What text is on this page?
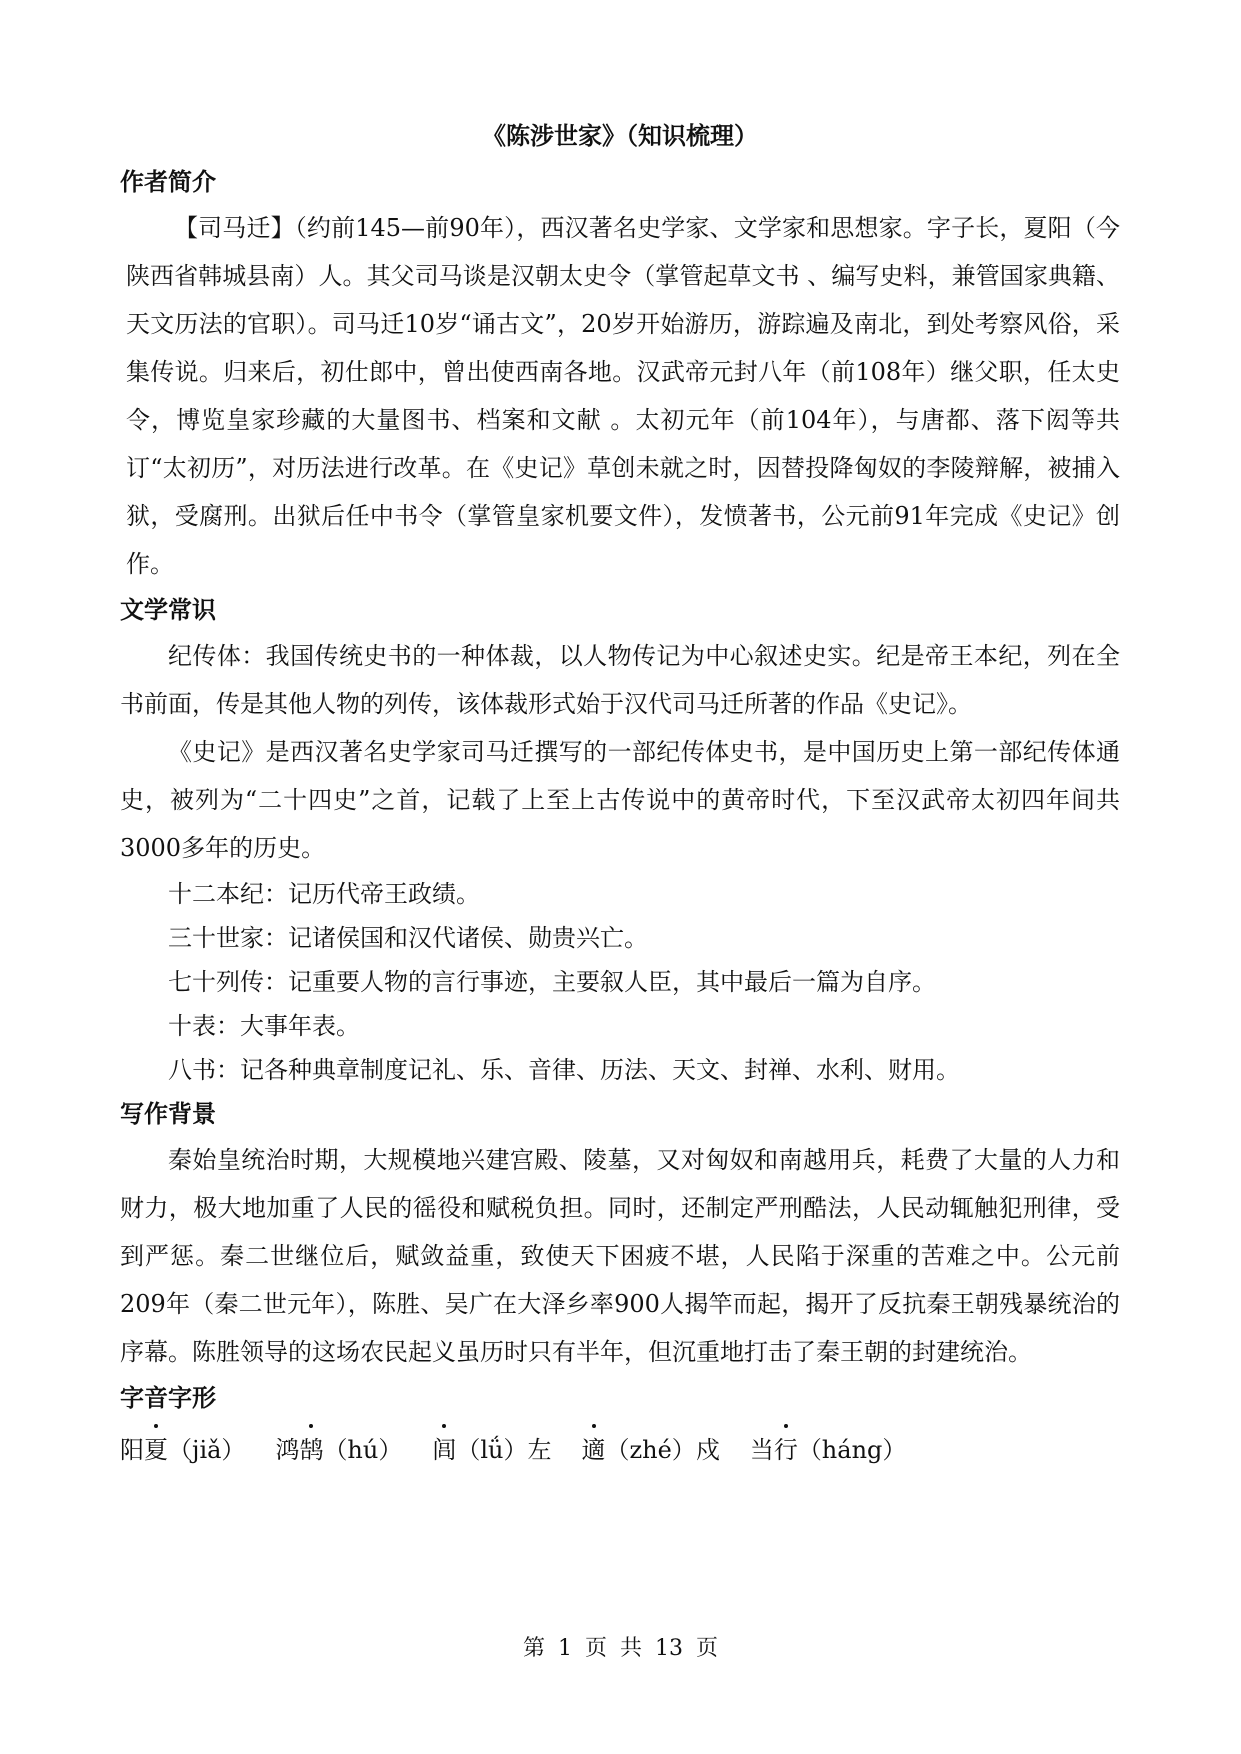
《陈涉世家》（知识梳理）
作者简介

【司马迁】（约前145—前90年），西汉著名史学家、文学家和思想家。字子长，夏阳（今陕西省韩城县南）人。其父司马谈是汉朝太史令（掌管起草文书 、编写史料，兼管国家典籍、天文历法的官职）。司马迁10岁“诵古文”，20岁开始游历，游踪遍及南北，到处考察风俗，采集传说。归来后，初仕郎中，曾出使西南各地。汉武帝元封八年（前108年）继父职，任太史令，博览皇家珍藏的大量图书、档案和文献 。太初元年（前104年），与唐都、落下闳等共订“太初历”，对历法进行改革。在《史记》草创未就之时，因替投降匈奴的李陵辩解，被捕入狱，受腐刑。出狱后任中书令（掌管皇家机要文件），发愤著书，公元前91年完成《史记》创作。

文学常识

纪传体：我国传统史书的一种体裁，以人物传记为中心叙述史实。纪是帝王本纪，列在全书前面，传是其他人物的列传，该体裁形式始于汉代司马迁所著的作品《史记》。

《史记》是西汉著名史学家司马迁撰写的一部纪传体史书，是中国历史上第一部纪传体通史，被列为“二十四史”之首，记载了上至上古传说中的黄帝时代，下至汉武帝太初四年间共3000多年的历史。

十二本纪：记历代帝王政绩。

三十世家：记诸侯国和汉代诸侯、勋贵兴亡。

七十列传：记重要人物的言行事迹，主要叙人臣，其中最后一篇为自序。

十表：大事年表。

八书：记各种典章制度记礼、乐、音律、历法、天文、封禅、水利、财用。

写作背景

秦始皇统治时期，大规模地兴建宫殿、陵墓，又对匈奴和南越用兵，耗费了大量的人力和财力，极大地加重了人民的徭役和赋税负担。同时，还制定严刑酷法，人民动辄触犯刑律，受到严惩。秦二世继位后，赋敛益重，致使天下困疲不堪，人民陷于深重的苦难之中。公元前209年（秦二世元年），陈胜、吴广在大泽乡率900人揭竿而起，揭开了反抗秦王朝残暴统治的序幕。陈胜领导的这场农民起义虽历时只有半年，但沉重地打击了秦王朝的封建统治。

字音字形
阳夏（jiǎ） 鸿鹄（hú） 闾（lǘ）左 適（zhé）戍 当行（háng）
第 1 页 共 13 页
